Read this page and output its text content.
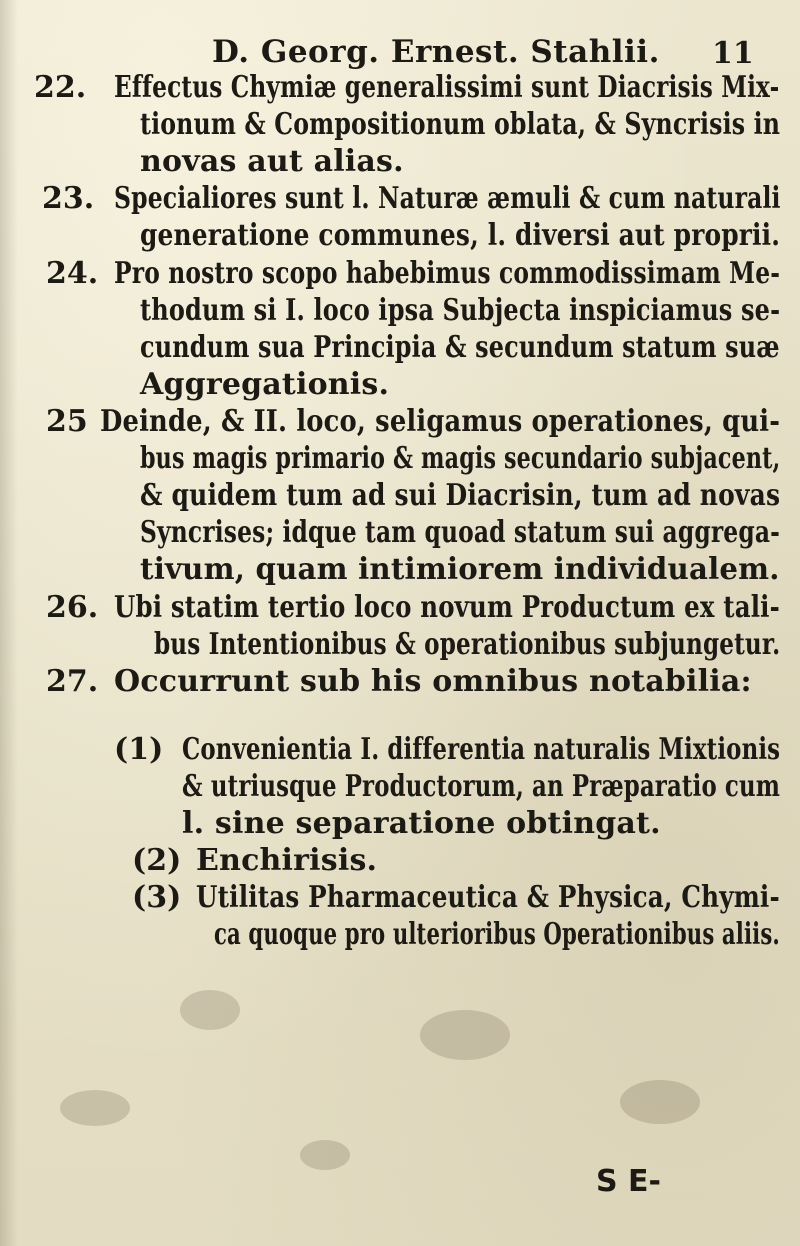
D. Georg. Ernest. Stahlii. 11
22. Effectus Chymiæ generalissimi sunt Diacrisis Mix-
tionum & Compositionum oblata, & Syncrisis in
novas aut alias.
23. Specialiores sunt l. Naturæ æmuli & cum naturali
generatione communes, l. diversi aut proprii.
24. Pro nostro scopo habebimus commodissimam Me-
thodum si I. loco ipsa Subjecta inspiciamus se-
cundum sua Principia & secundum statum suæ
Aggregationis.
25 Deinde, & II. loco, seligamus operationes, qui-
bus magis primario & magis secundario subjacent,
& quidem tum ad sui Diacrisin, tum ad novas
Syncrises; idque tam quoad statum sui aggrega-
tivum, quam intimiorem individualem.
26. Ubi statim tertio loco novum Productum ex tali-
bus Intentionibus & operationibus subjungetur.
27. Occurrunt sub his omnibus notabilia:
(1) Convenientia I. differentia naturalis Mixtionis
& utriusque Productorum, an Præparatio cum
l. sine separatione obtingat.
(2) Enchirisis.
(3) Utilitas Pharmaceutica & Physica, Chymi-
ca quoque pro ulterioribus Operationibus aliis.
S E-
